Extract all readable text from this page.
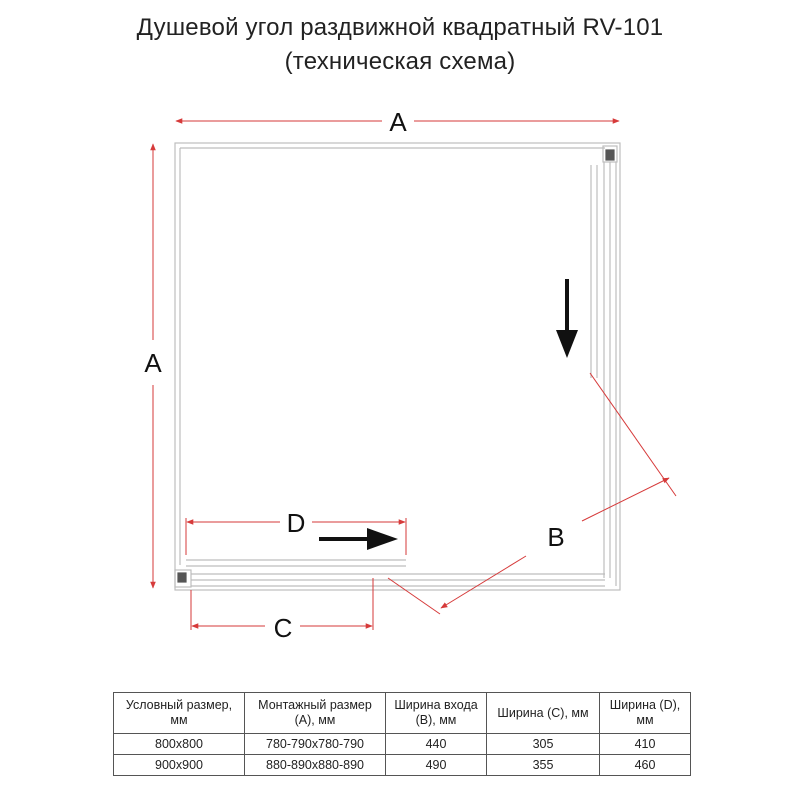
Душевой угол раздвижной квадратный RV-101
(техническая схема)
A
A
D
C
B
Условный размер, мм	Монтажный размер (А), мм	Ширина входа (В), мм	Ширина (С), мм	Ширина (D), мм
800x800	780-790x780-790	440	305	410
900x900	880-890x880-890	490	355	460
